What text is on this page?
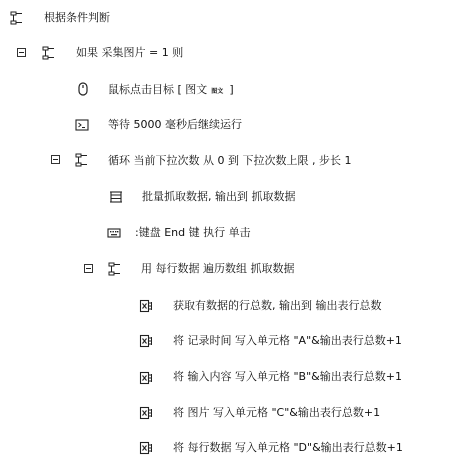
根据条件判断
如果 采集图片 = 1 则
鼠标点击目标 [ 图文 图文 ]
等待 5000 毫秒后继续运行
循环 当前下拉次数 从 0 到 下拉次数上限 , 步长 1
批量抓取数据, 输出到 抓取数据
:键盘 End 键 执行 单击
用 每行数据 遍历数组 抓取数据
获取有数据的行总数, 输出到 输出表行总数
将 记录时间 写入单元格 "A"&输出表行总数+1
将 输入内容 写入单元格 "B"&输出表行总数+1
将 图片 写入单元格 "C"&输出表行总数+1
将 每行数据 写入单元格 "D"&输出表行总数+1
